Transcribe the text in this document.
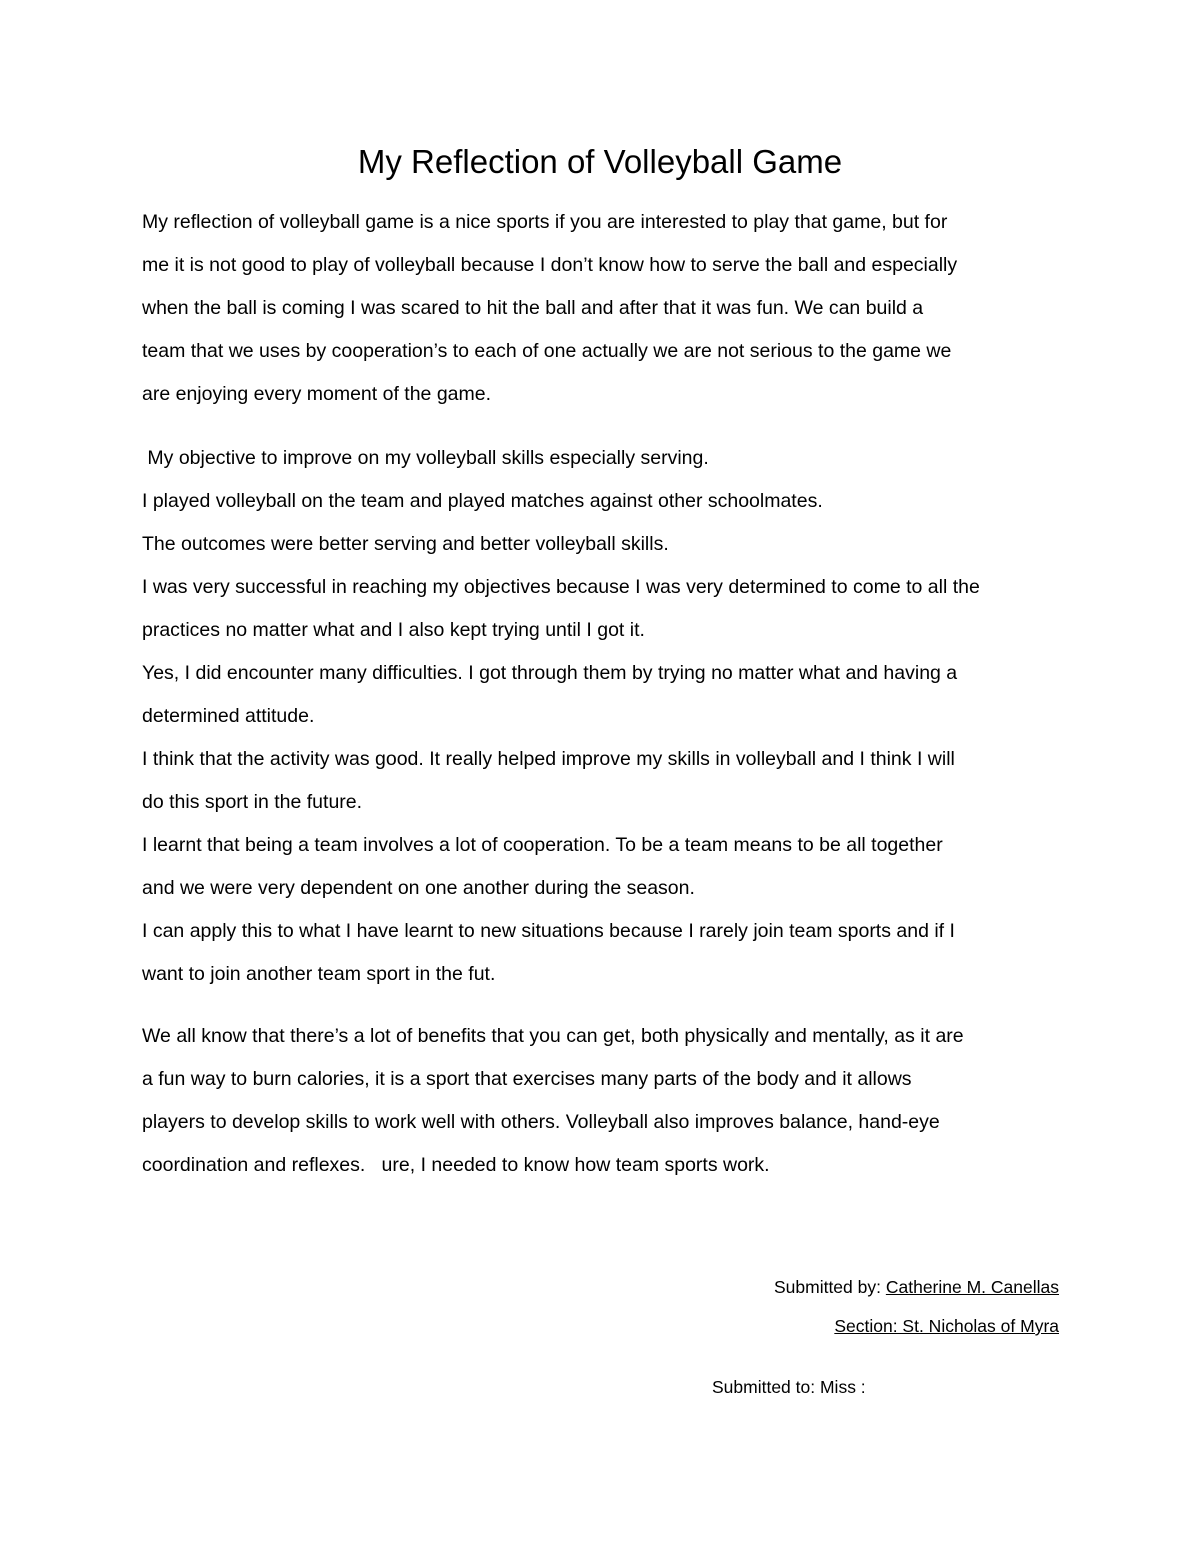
My Reflection of Volleyball Game
My reflection of volleyball game is a nice sports if you are interested to play that game, but for
me it is not good to play of volleyball because I don’t know how to serve the ball and especially
when the ball is coming I was scared to hit the ball and after that it was fun. We can build a
team that we uses by cooperation’s to each of one actually we are not serious to the game we
are enjoying every moment of the game.
My objective to improve on my volleyball skills especially serving.
I played volleyball on the team and played matches against other schoolmates.
The outcomes were better serving and better volleyball skills.
I was very successful in reaching my objectives because I was very determined to come to all the
practices no matter what and I also kept trying until I got it.
Yes, I did encounter many difficulties. I got through them by trying no matter what and having a
determined attitude.
I think that the activity was good. It really helped improve my skills in volleyball and I think I will
do this sport in the future.
I learnt that being a team involves a lot of cooperation. To be a team means to be all together
and we were very dependent on one another during the season.
I can apply this to what I have learnt to new situations because I rarely join team sports and if I
want to join another team sport in the fut.
We all know that there’s a lot of benefits that you can get, both physically and mentally, as it are
a fun way to burn calories, it is a sport that exercises many parts of the body and it allows
players to develop skills to work well with others. Volleyball also improves balance, hand-eye
coordination and reflexes.   ure, I needed to know how team sports work.
Submitted by: Catherine M. Canellas
Section: St. Nicholas of Myra
Submitted to: Miss :
